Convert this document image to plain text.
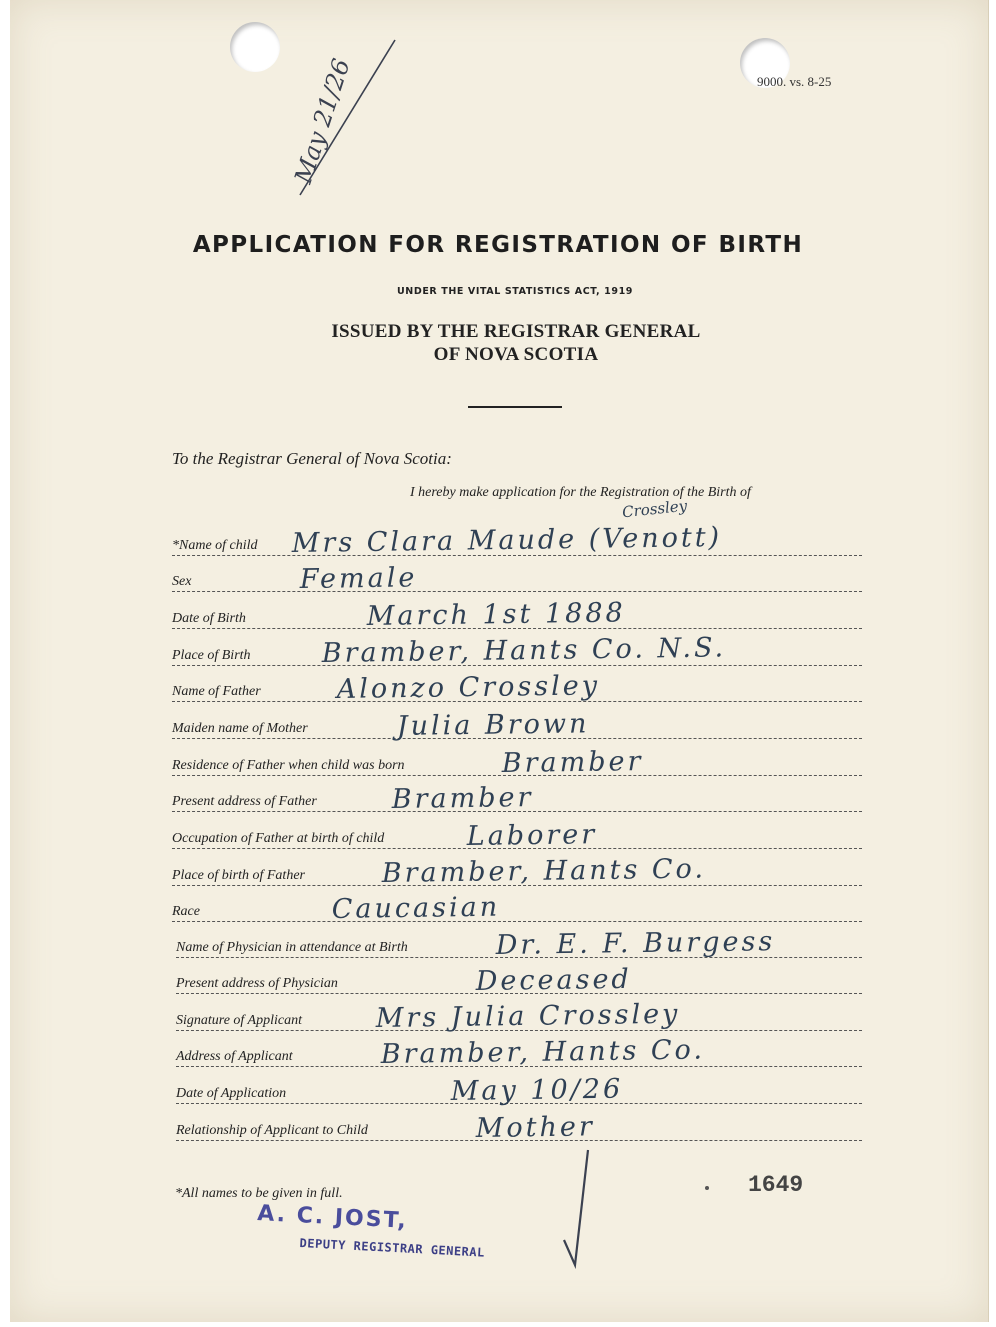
9000. vs. 8-25
May 21/26
APPLICATION FOR REGISTRATION OF BIRTH
UNDER THE VITAL STATISTICS ACT, 1919
ISSUED BY THE REGISTRAR GENERAL
OF NOVA SCOTIA
To the Registrar General of Nova Scotia:
I hereby make application for the Registration of the Birth of
Crossley
*Name of child Mrs Clara Maude (Venott)
Sex	Female
Date of Birth	March 1st 1888
Place of Birth	Bramber, Hants Co. N.S.
Name of Father	Alonzo Crossley
Maiden name of Mother	Julia Brown
Residence of Father when child was born	Bramber
Present address of Father	Bramber
Occupation of Father at birth of child	Laborer
Place of birth of Father	Bramber, Hants Co.
Race	Caucasian
Name of Physician in attendance at Birth	Dr. E. F. Burgess
Present address of Physician	Deceased
Signature of Applicant	Mrs Julia Crossley
Address of Applicant	Bramber, Hants Co.
Date of Application	May 10/26
Relationship of Applicant to Child	Mother
*All names to be given in full.	1649
A. C. JOST,
DEPUTY REGISTRAR GENERAL
